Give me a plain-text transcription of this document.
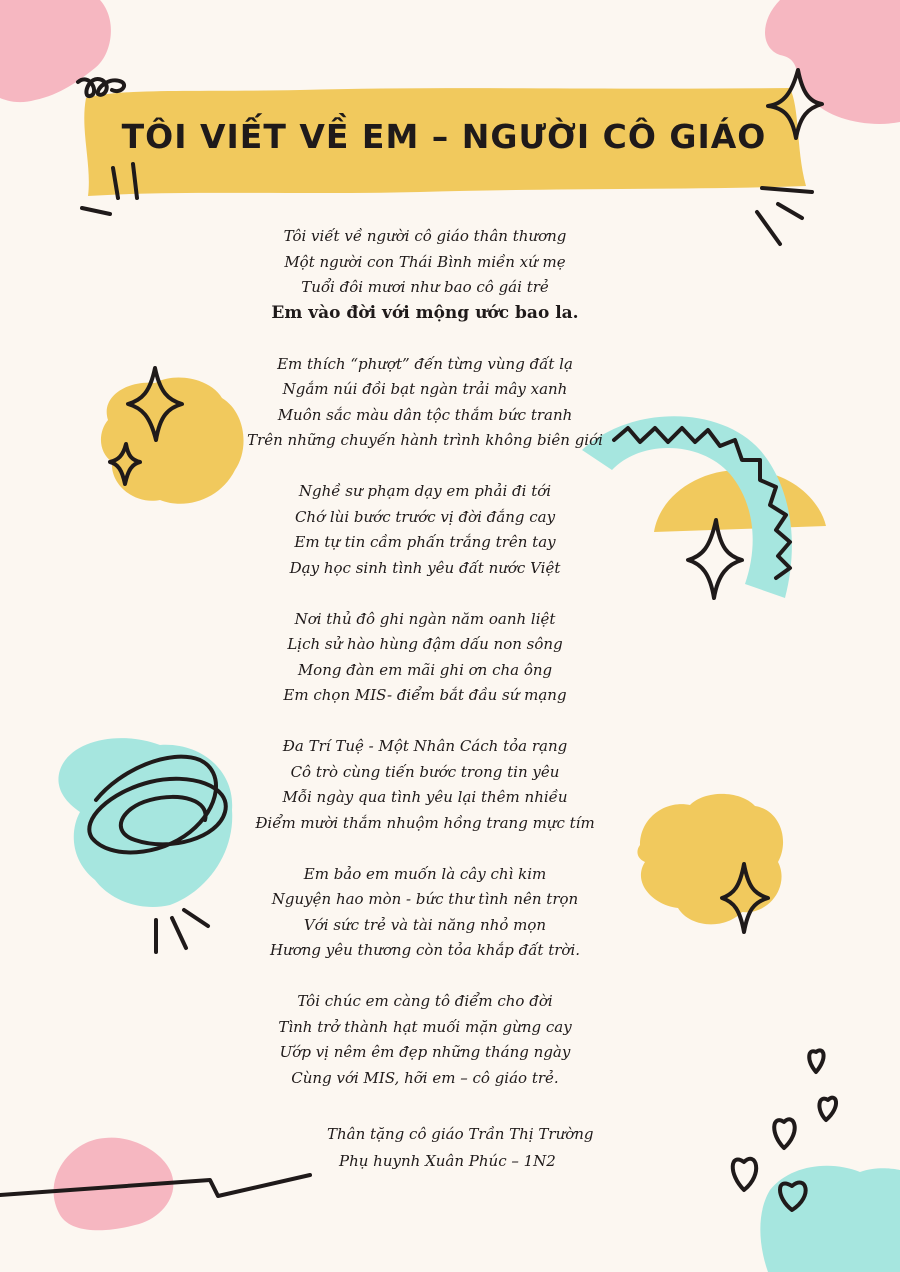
TÔI VIẾT VỀ EM – NGƯỜI CÔ GIÁO
Tôi viết về người cô giáo thân thương
Một người con Thái Bình miền xứ mẹ
Tuổi đôi mươi như bao cô gái trẻ
Em vào đời với mộng ước bao la.
Em thích “phượt” đến từng vùng đất lạ
Ngắm núi đồi bạt ngàn trải mây xanh
Muôn sắc màu dân tộc thắm bức tranh
Trên những chuyến hành trình không biên giới
Nghề sư phạm dạy em phải đi tới
Chớ lùi bước trước vị đời đắng cay
Em tự tin cầm phấn trắng trên tay
Dạy học sinh tình yêu đất nước Việt
Nơi thủ đô ghi ngàn năm oanh liệt
Lịch sử hào hùng đậm dấu non sông
Mong đàn em mãi ghi ơn cha ông
Em chọn MIS- điểm bắt đầu sứ mạng
Đa Trí Tuệ - Một Nhân Cách tỏa rạng
Cô trò cùng tiến bước trong tin yêu
Mỗi ngày qua tình yêu lại thêm nhiều
Điểm mười thắm nhuộm hồng trang mực tím
Em bảo em muốn là cây chì kim
Nguyện hao mòn - bức thư tình nên trọn
Với sức trẻ và tài năng nhỏ mọn
Hương yêu thương còn tỏa khắp đất trời.
Tôi chúc em càng tô điểm cho đời
Tình trở thành hạt muối mặn gừng cay
Ướp vị nêm êm đẹp những tháng ngày
Cùng với MIS, hỡi em – cô giáo trẻ.
Thân tặng cô giáo Trần Thị Trường
Phụ huynh Xuân Phúc – 1N2
